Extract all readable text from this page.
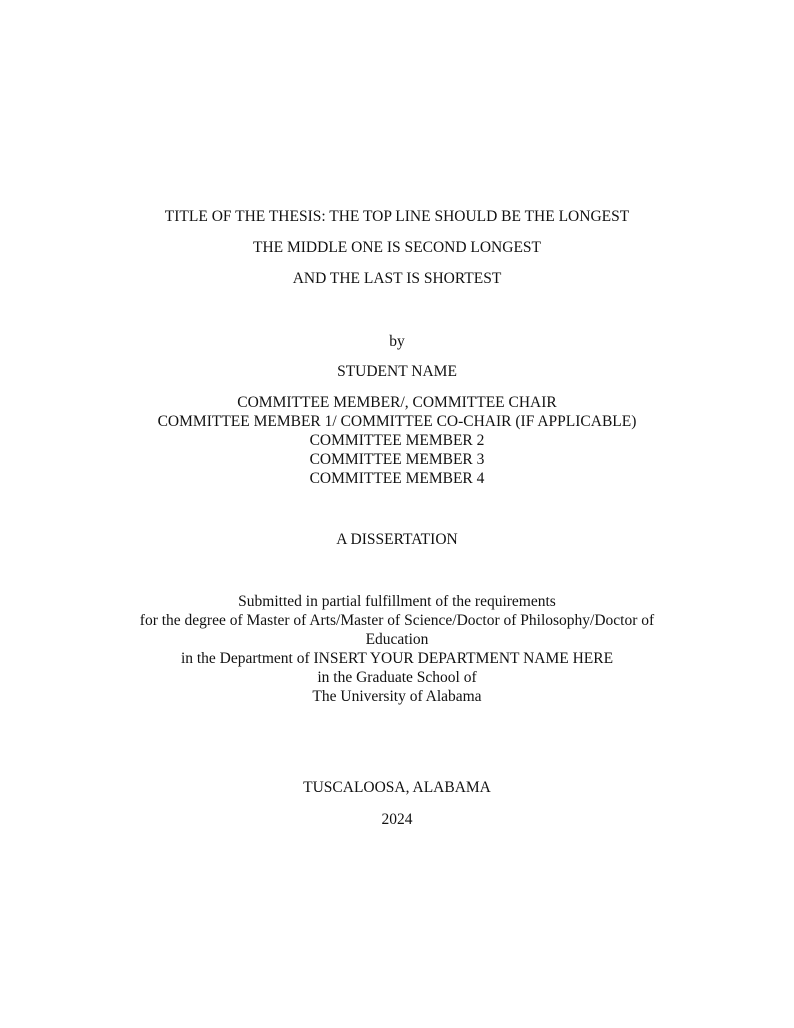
TITLE OF THE THESIS: THE TOP LINE SHOULD BE THE LONGEST
THE MIDDLE ONE IS SECOND LONGEST
AND THE LAST IS SHORTEST
by
STUDENT NAME
COMMITTEE MEMBER/, COMMITTEE CHAIR
COMMITTEE MEMBER 1/ COMMITTEE CO-CHAIR (IF APPLICABLE)
COMMITTEE MEMBER 2
COMMITTEE MEMBER 3
COMMITTEE MEMBER 4
A DISSERTATION
Submitted in partial fulfillment of the requirements
for the degree of Master of Arts/Master of Science/Doctor of Philosophy/Doctor of
Education
in the Department of INSERT YOUR DEPARTMENT NAME HERE
in the Graduate School of
The University of Alabama
TUSCALOOSA, ALABAMA
2024
